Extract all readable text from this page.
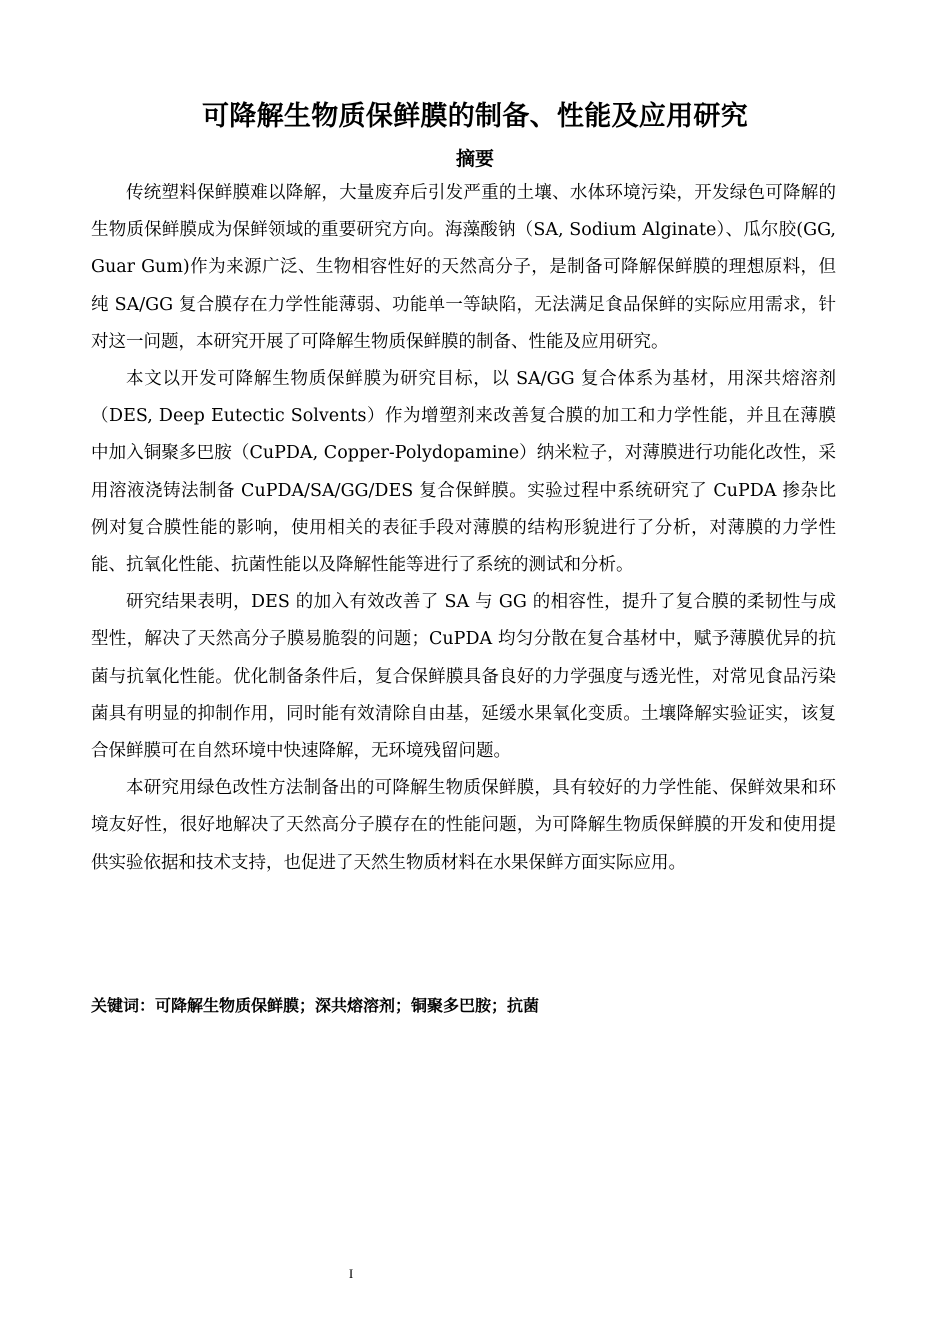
可降解生物质保鲜膜的制备、性能及应用研究
摘要

传统塑料保鲜膜难以降解，大量废弃后引发严重的土壤、水体环境污染，开发绿色可降解的生物质保鲜膜成为保鲜领域的重要研究方向。海藻酸钠（SA, Sodium Alginate）、瓜尔胶(GG, Guar Gum)作为来源广泛、生物相容性好的天然高分子，是制备可降解保鲜膜的理想原料，但纯 SA/GG 复合膜存在力学性能薄弱、功能单一等缺陷，无法满足食品保鲜的实际应用需求，针对这一问题，本研究开展了可降解生物质保鲜膜的制备、性能及应用研究。

本文以开发可降解生物质保鲜膜为研究目标，以 SA/GG 复合体系为基材，用深共熔溶剂（DES, Deep Eutectic Solvents）作为增塑剂来改善复合膜的加工和力学性能，并且在薄膜中加入铜聚多巴胺（CuPDA, Copper-Polydopamine）纳米粒子，对薄膜进行功能化改性，采用溶液浇铸法制备 CuPDA/SA/GG/DES 复合保鲜膜。实验过程中系统研究了 CuPDA 掺杂比例对复合膜性能的影响，使用相关的表征手段对薄膜的结构形貌进行了分析，对薄膜的力学性能、抗氧化性能、抗菌性能以及降解性能等进行了系统的测试和分析。

研究结果表明，DES 的加入有效改善了 SA 与 GG 的相容性，提升了复合膜的柔韧性与成型性，解决了天然高分子膜易脆裂的问题；CuPDA 均匀分散在复合基材中，赋予薄膜优异的抗菌与抗氧化性能。优化制备条件后，复合保鲜膜具备良好的力学强度与透光性，对常见食品污染菌具有明显的抑制作用，同时能有效清除自由基，延缓水果氧化变质。土壤降解实验证实，该复合保鲜膜可在自然环境中快速降解，无环境残留问题。

本研究用绿色改性方法制备出的可降解生物质保鲜膜，具有较好的力学性能、保鲜效果和环境友好性，很好地解决了天然高分子膜存在的性能问题，为可降解生物质保鲜膜的开发和使用提供实验依据和技术支持，也促进了天然生物质材料在水果保鲜方面实际应用。

关键词：可降解生物质保鲜膜；深共熔溶剂；铜聚多巴胺；抗菌
I
